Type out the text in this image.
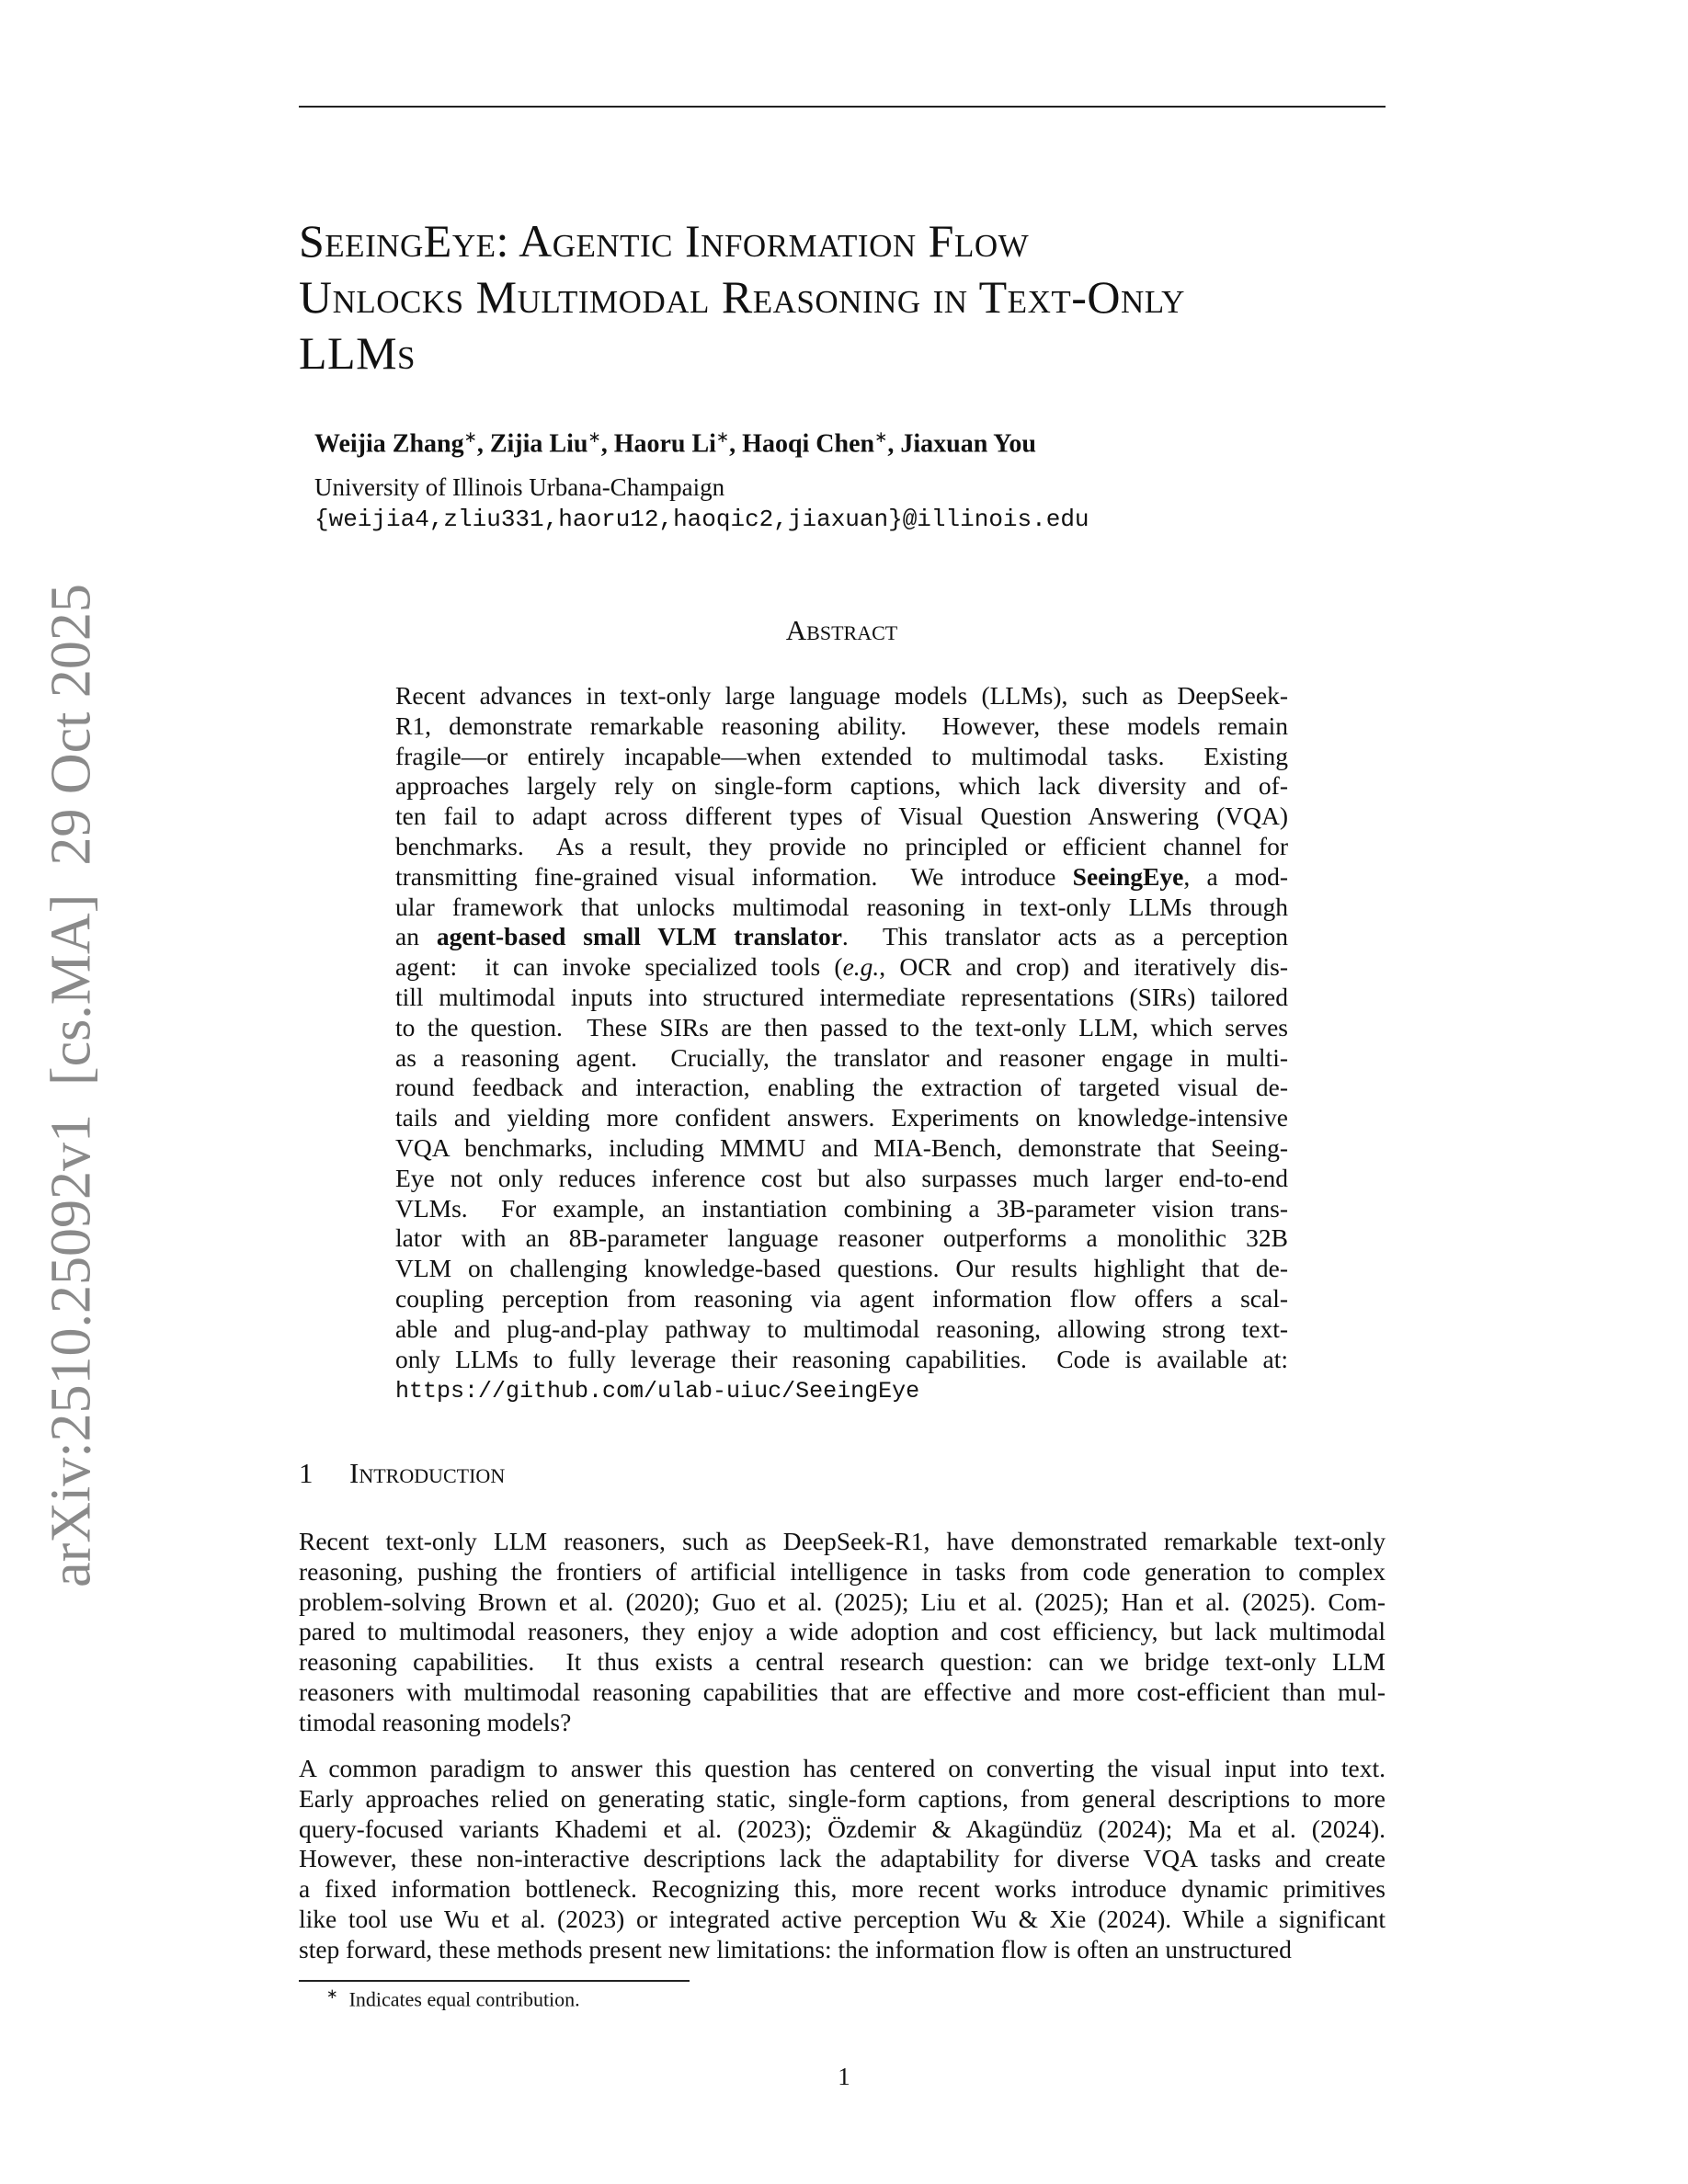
arXiv:2510.25092v1  [cs.MA]  29 Oct 2025
SeeingEye: Agentic Information Flow
Unlocks Multimodal Reasoning in Text-Only
LLMs
Weijia Zhang∗, Zijia Liu∗, Haoru Li∗, Haoqi Chen∗, Jiaxuan You
University of Illinois Urbana-Champaign
{weijia4,zliu331,haoru12,haoqic2,jiaxuan}@illinois.edu
Abstract
Recent advances in text-only large language models (LLMs), such as DeepSeek-
R1, demonstrate remarkable reasoning ability.  However, these models remain
fragile—or entirely incapable—when extended to multimodal tasks.  Existing
approaches largely rely on single-form captions, which lack diversity and of-
ten fail to adapt across different types of Visual Question Answering (VQA)
benchmarks.  As a result, they provide no principled or efficient channel for
transmitting fine-grained visual information.  We introduce SeeingEye, a mod-
ular framework that unlocks multimodal reasoning in text-only LLMs through
an agent-based small VLM translator.  This translator acts as a perception
agent:  it can invoke specialized tools (e.g., OCR and crop) and iteratively dis-
till multimodal inputs into structured intermediate representations (SIRs) tailored
to the question.  These SIRs are then passed to the text-only LLM, which serves
as a reasoning agent.  Crucially, the translator and reasoner engage in multi-
round feedback and interaction, enabling the extraction of targeted visual de-
tails and yielding more confident answers. Experiments on knowledge-intensive
VQA benchmarks, including MMMU and MIA-Bench, demonstrate that Seeing-
Eye not only reduces inference cost but also surpasses much larger end-to-end
VLMs.  For example, an instantiation combining a 3B-parameter vision trans-
lator with an 8B-parameter language reasoner outperforms a monolithic 32B
VLM on challenging knowledge-based questions. Our results highlight that de-
coupling perception from reasoning via agent information flow offers a scal-
able and plug-and-play pathway to multimodal reasoning, allowing strong text-
only LLMs to fully leverage their reasoning capabilities.  Code is available at:
https://github.com/ulab-uiuc/SeeingEye
1 Introduction
Recent text-only LLM reasoners, such as DeepSeek-R1, have demonstrated remarkable text-only
reasoning, pushing the frontiers of artificial intelligence in tasks from code generation to complex
problem-solving Brown et al. (2020); Guo et al. (2025); Liu et al. (2025); Han et al. (2025). Com-
pared to multimodal reasoners, they enjoy a wide adoption and cost efficiency, but lack multimodal
reasoning capabilities.  It thus exists a central research question: can we bridge text-only LLM
reasoners with multimodal reasoning capabilities that are effective and more cost-efficient than mul-
timodal reasoning models?
A common paradigm to answer this question has centered on converting the visual input into text.
Early approaches relied on generating static, single-form captions, from general descriptions to more
query-focused variants Khademi et al. (2023); Özdemir & Akagündüz (2024); Ma et al. (2024).
However, these non-interactive descriptions lack the adaptability for diverse VQA tasks and create
a fixed information bottleneck. Recognizing this, more recent works introduce dynamic primitives
like tool use Wu et al. (2023) or integrated active perception Wu & Xie (2024). While a significant
step forward, these methods present new limitations: the information flow is often an unstructured
∗ Indicates equal contribution.
1
